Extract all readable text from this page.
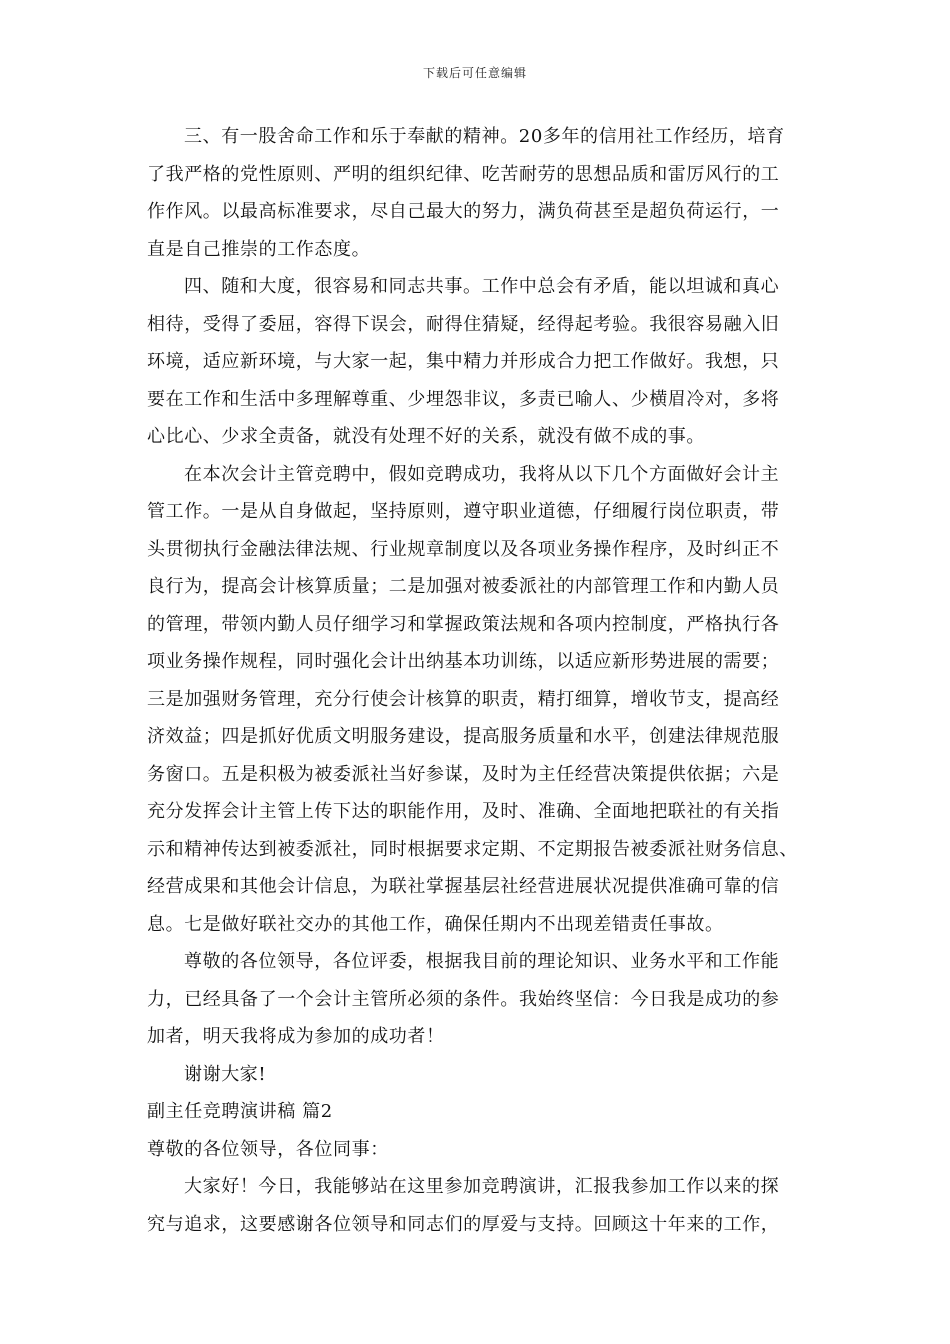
下载后可任意编辑
三、有一股舍命工作和乐于奉献的精神。20多年的信用社工作经历，培育
了我严格的党性原则、严明的组织纪律、吃苦耐劳的思想品质和雷厉风行的工
作作风。以最高标准要求，尽自己最大的努力，满负荷甚至是超负荷运行，一
直是自己推崇的工作态度。
四、随和大度，很容易和同志共事。工作中总会有矛盾，能以坦诚和真心
相待，受得了委屈，容得下误会，耐得住猜疑，经得起考验。我很容易融入旧
环境，适应新环境，与大家一起，集中精力并形成合力把工作做好。我想，只
要在工作和生活中多理解尊重、少埋怨非议，多责已喻人、少横眉冷对，多将
心比心、少求全责备，就没有处理不好的关系，就没有做不成的事。
在本次会计主管竞聘中，假如竞聘成功，我将从以下几个方面做好会计主
管工作。一是从自身做起，坚持原则，遵守职业道德，仔细履行岗位职责，带
头贯彻执行金融法律法规、行业规章制度以及各项业务操作程序，及时纠正不
良行为，提高会计核算质量；二是加强对被委派社的内部管理工作和内勤人员
的管理，带领内勤人员仔细学习和掌握政策法规和各项内控制度，严格执行各
项业务操作规程，同时强化会计出纳基本功训练，以适应新形势进展的需要；
三是加强财务管理，充分行使会计核算的职责，精打细算，增收节支，提高经
济效益；四是抓好优质文明服务建设，提高服务质量和水平，创建法律规范服
务窗口。五是积极为被委派社当好参谋，及时为主任经营决策提供依据；六是
充分发挥会计主管上传下达的职能作用，及时、准确、全面地把联社的有关指
示和精神传达到被委派社，同时根据要求定期、不定期报告被委派社财务信息、
经营成果和其他会计信息，为联社掌握基层社经营进展状况提供准确可靠的信
息。七是做好联社交办的其他工作，确保任期内不出现差错责任事故。
尊敬的各位领导，各位评委，根据我目前的理论知识、业务水平和工作能
力，已经具备了一个会计主管所必须的条件。我始终坚信：今日我是成功的参
加者，明天我将成为参加的成功者！
谢谢大家!
副主任竞聘演讲稿 篇2
尊敬的各位领导，各位同事：
大家好！今日，我能够站在这里参加竞聘演讲，汇报我参加工作以来的探
究与追求，这要感谢各位领导和同志们的厚爱与支持。回顾这十年来的工作，
